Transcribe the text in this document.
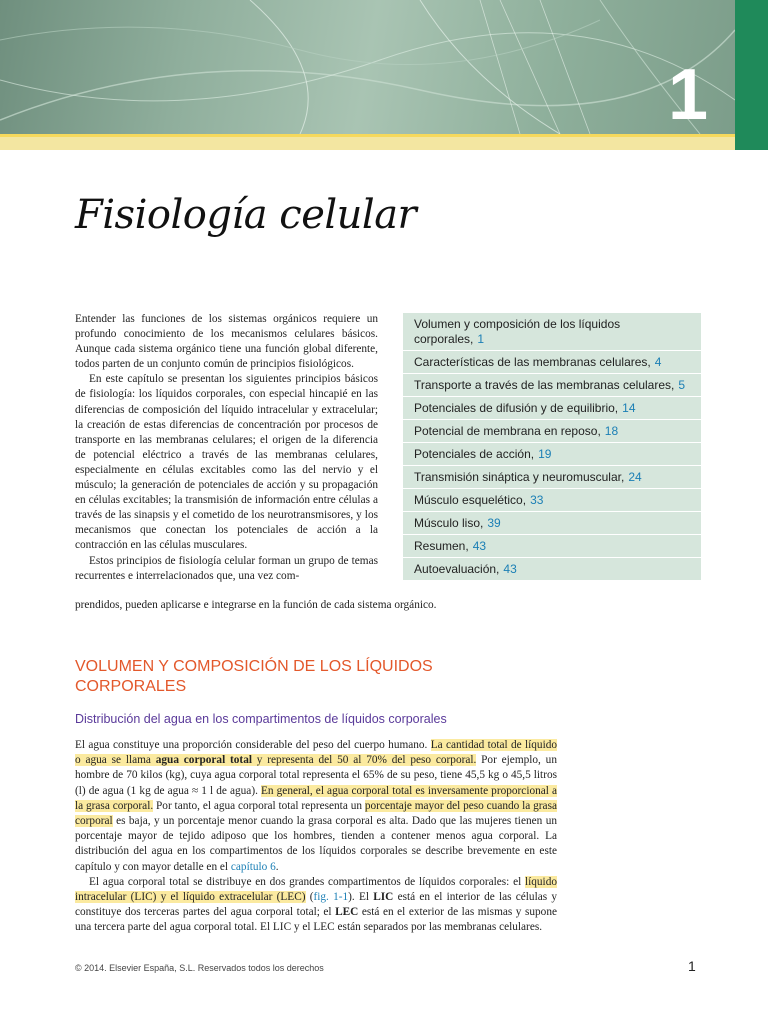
1
Fisiología celular

Entender las funciones de los sistemas orgánicos requiere un profundo conocimiento de los mecanismos celulares básicos. Aunque cada sistema orgánico tiene una función global diferente, todos parten de un conjunto común de principios fisiológicos.

En este capítulo se presentan los siguientes principios básicos de fisiología: los líquidos corporales, con especial hincapié en las diferencias de composición del líquido intracelular y extracelular; la creación de estas diferencias de concentración por procesos de transporte en las membranas celulares; el origen de la diferencia de potencial eléctrico a través de las membranas celulares, especialmente en células excitables como las del nervio y el músculo; la generación de potenciales de acción y su propagación en células excitables; la transmisión de información entre células a través de las sinapsis y el cometido de los neurotransmisores, y los mecanismos que conectan los potenciales de acción a la contracción en las células musculares.

Estos principios de fisiología celular forman un grupo de temas recurrentes e interrelacionados que, una vez com-

prendidos, pueden aplicarse e integrarse en la función de cada sistema orgánico.
Volumen y composición de los líquidos corporales, 1
Características de las membranas celulares, 4
Transporte a través de las membranas celulares, 5
Potenciales de difusión y de equilibrio, 14
Potencial de membrana en reposo, 18
Potenciales de acción, 19
Transmisión sináptica y neuromuscular, 24
Músculo esquelético, 33
Músculo liso, 39
Resumen, 43
Autoevaluación, 43
VOLUMEN Y COMPOSICIÓN DE LOS LÍQUIDOS CORPORALES
Distribución del agua en los compartimentos de líquidos corporales

El agua constituye una proporción considerable del peso del cuerpo humano. La cantidad total de líquido o agua se llama agua corporal total y representa del 50 al 70% del peso corporal. Por ejemplo, un hombre de 70 kilos (kg), cuya agua corporal total representa el 65% de su peso, tiene 45,5 kg o 45,5 litros (l) de agua (1 kg de agua ≈ 1 l de agua). En general, el agua corporal total es inversamente proporcional a la grasa corporal. Por tanto, el agua corporal total representa un porcentaje mayor del peso cuando la grasa corporal es baja, y un porcentaje menor cuando la grasa corporal es alta. Dado que las mujeres tienen un porcentaje mayor de tejido adiposo que los hombres, tienden a contener menos agua corporal. La distribución del agua en los compartimentos de los líquidos corporales se describe brevemente en este capítulo y con mayor detalle en el capítulo 6.

El agua corporal total se distribuye en dos grandes compartimentos de líquidos corporales: el líquido intracelular (LIC) y el líquido extracelular (LEC) (fig. 1-1). El LIC está en el interior de las células y constituye dos terceras partes del agua corporal total; el LEC está en el exterior de las mismas y supone una tercera parte del agua corporal total. El LIC y el LEC están separados por las membranas celulares.

© 2014. Elsevier España, S.L. Reservados todos los derechos	1
